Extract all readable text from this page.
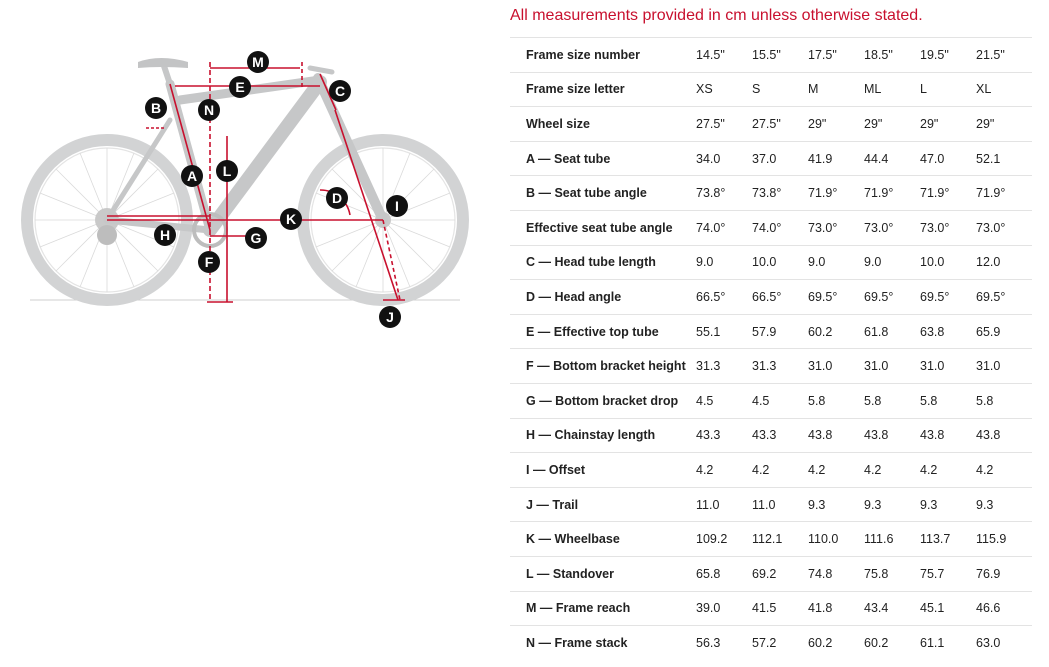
M
E	C
B	N
A L
D	I
K
H	G
F
J
All measurements provided in cm unless otherwise stated.
Frame size number	14.5"	15.5"	17.5"	18.5"	19.5"	21.5"
Frame size letter	XS	S	M	ML	L	XL
Wheel size	27.5"	27.5"	29"	29"	29"	29"
A — Seat tube	34.0	37.0	41.9	44.4	47.0	52.1
B — Seat tube angle	73.8°	73.8°	71.9°	71.9°	71.9°	71.9°
Effective seat tube angle	74.0°	74.0°	73.0°	73.0°	73.0°	73.0°
C — Head tube length	9.0	10.0	9.0	9.0	10.0	12.0
D — Head angle	66.5°	66.5°	69.5°	69.5°	69.5°	69.5°
E — Effective top tube	55.1	57.9	60.2	61.8	63.8	65.9
F — Bottom bracket height	31.3	31.3	31.0	31.0	31.0	31.0
G — Bottom bracket drop	4.5	4.5	5.8	5.8	5.8	5.8
H — Chainstay length	43.3	43.3	43.8	43.8	43.8	43.8
I — Offset	4.2	4.2	4.2	4.2	4.2	4.2
J — Trail	11.0	11.0	9.3	9.3	9.3	9.3
K — Wheelbase	109.2	112.1	110.0	111.6	113.7	115.9
L — Standover	65.8	69.2	74.8	75.8	75.7	76.9
M — Frame reach	39.0	41.5	41.8	43.4	45.1	46.6
N — Frame stack	56.3	57.2	60.2	60.2	61.1	63.0
